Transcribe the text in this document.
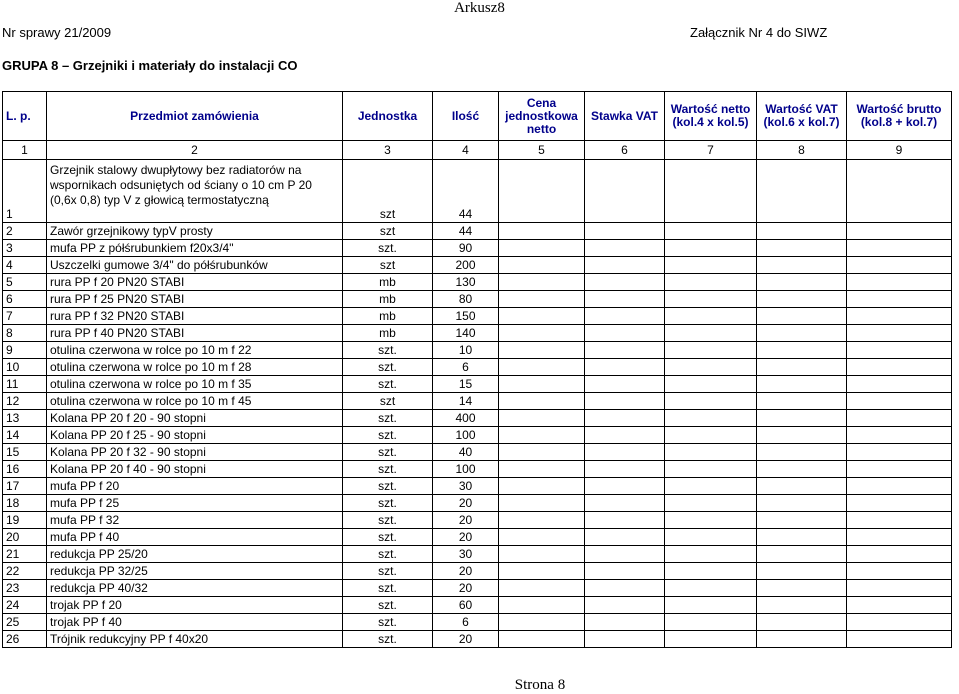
Arkusz8
Nr sprawy 21/2009	Załącznik Nr 4 do SIWZ
GRUPA 8 – Grzejniki i materiały do instalacji CO
L. p.	Przedmiot zamówienia	Jednostka	Ilość	Cena jednostkowa netto	Stawka VAT	Wartość netto (kol.4 x kol.5)	Wartość VAT (kol.6 x kol.7)	Wartość brutto (kol.8 + kol.7)
1	2	3	4	5	6	7	8	9
1	Grzejnik stalowy dwupłytowy bez radiatorów na wspornikach odsuniętych od ściany o 10 cm P 20 (0,6x 0,8) typ V z głowicą termostatyczną	szt	44					
2	Zawór grzejnikowy typV prosty	szt	44					
3	mufa PP z półśrubunkiem f20x3/4"	szt.	90					
4	Uszczelki gumowe 3/4" do półśrubunków	szt	200					
5	rura PP f 20 PN20 STABI	mb	130					
6	rura PP f 25 PN20 STABI	mb	80					
7	rura PP f 32 PN20 STABI	mb	150					
8	rura PP f 40 PN20 STABI	mb	140					
9	otulina czerwona w rolce po 10 m f 22	szt.	10					
10	otulina czerwona w rolce po 10 m f 28	szt.	6					
11	otulina czerwona w rolce po 10 m f 35	szt.	15					
12	otulina czerwona w rolce po 10 m f 45	szt	14					
13	Kolana PP 20 f 20 - 90 stopni	szt.	400					
14	Kolana PP 20 f 25 - 90 stopni	szt.	100					
15	Kolana PP 20 f 32 - 90 stopni	szt.	40					
16	Kolana PP 20 f 40 - 90 stopni	szt.	100					
17	mufa PP f 20	szt.	30					
18	mufa PP f 25	szt.	20					
19	mufa PP f 32	szt.	20					
20	mufa PP f 40	szt.	20					
21	redukcja PP 25/20	szt.	30					
22	redukcja PP 32/25	szt.	20					
23	redukcja PP 40/32	szt.	20					
24	trojak PP f 20	szt.	60					
25	trojak PP f 40	szt.	6					
26	Trójnik redukcyjny PP f 40x20	szt.	20					
Strona 8
